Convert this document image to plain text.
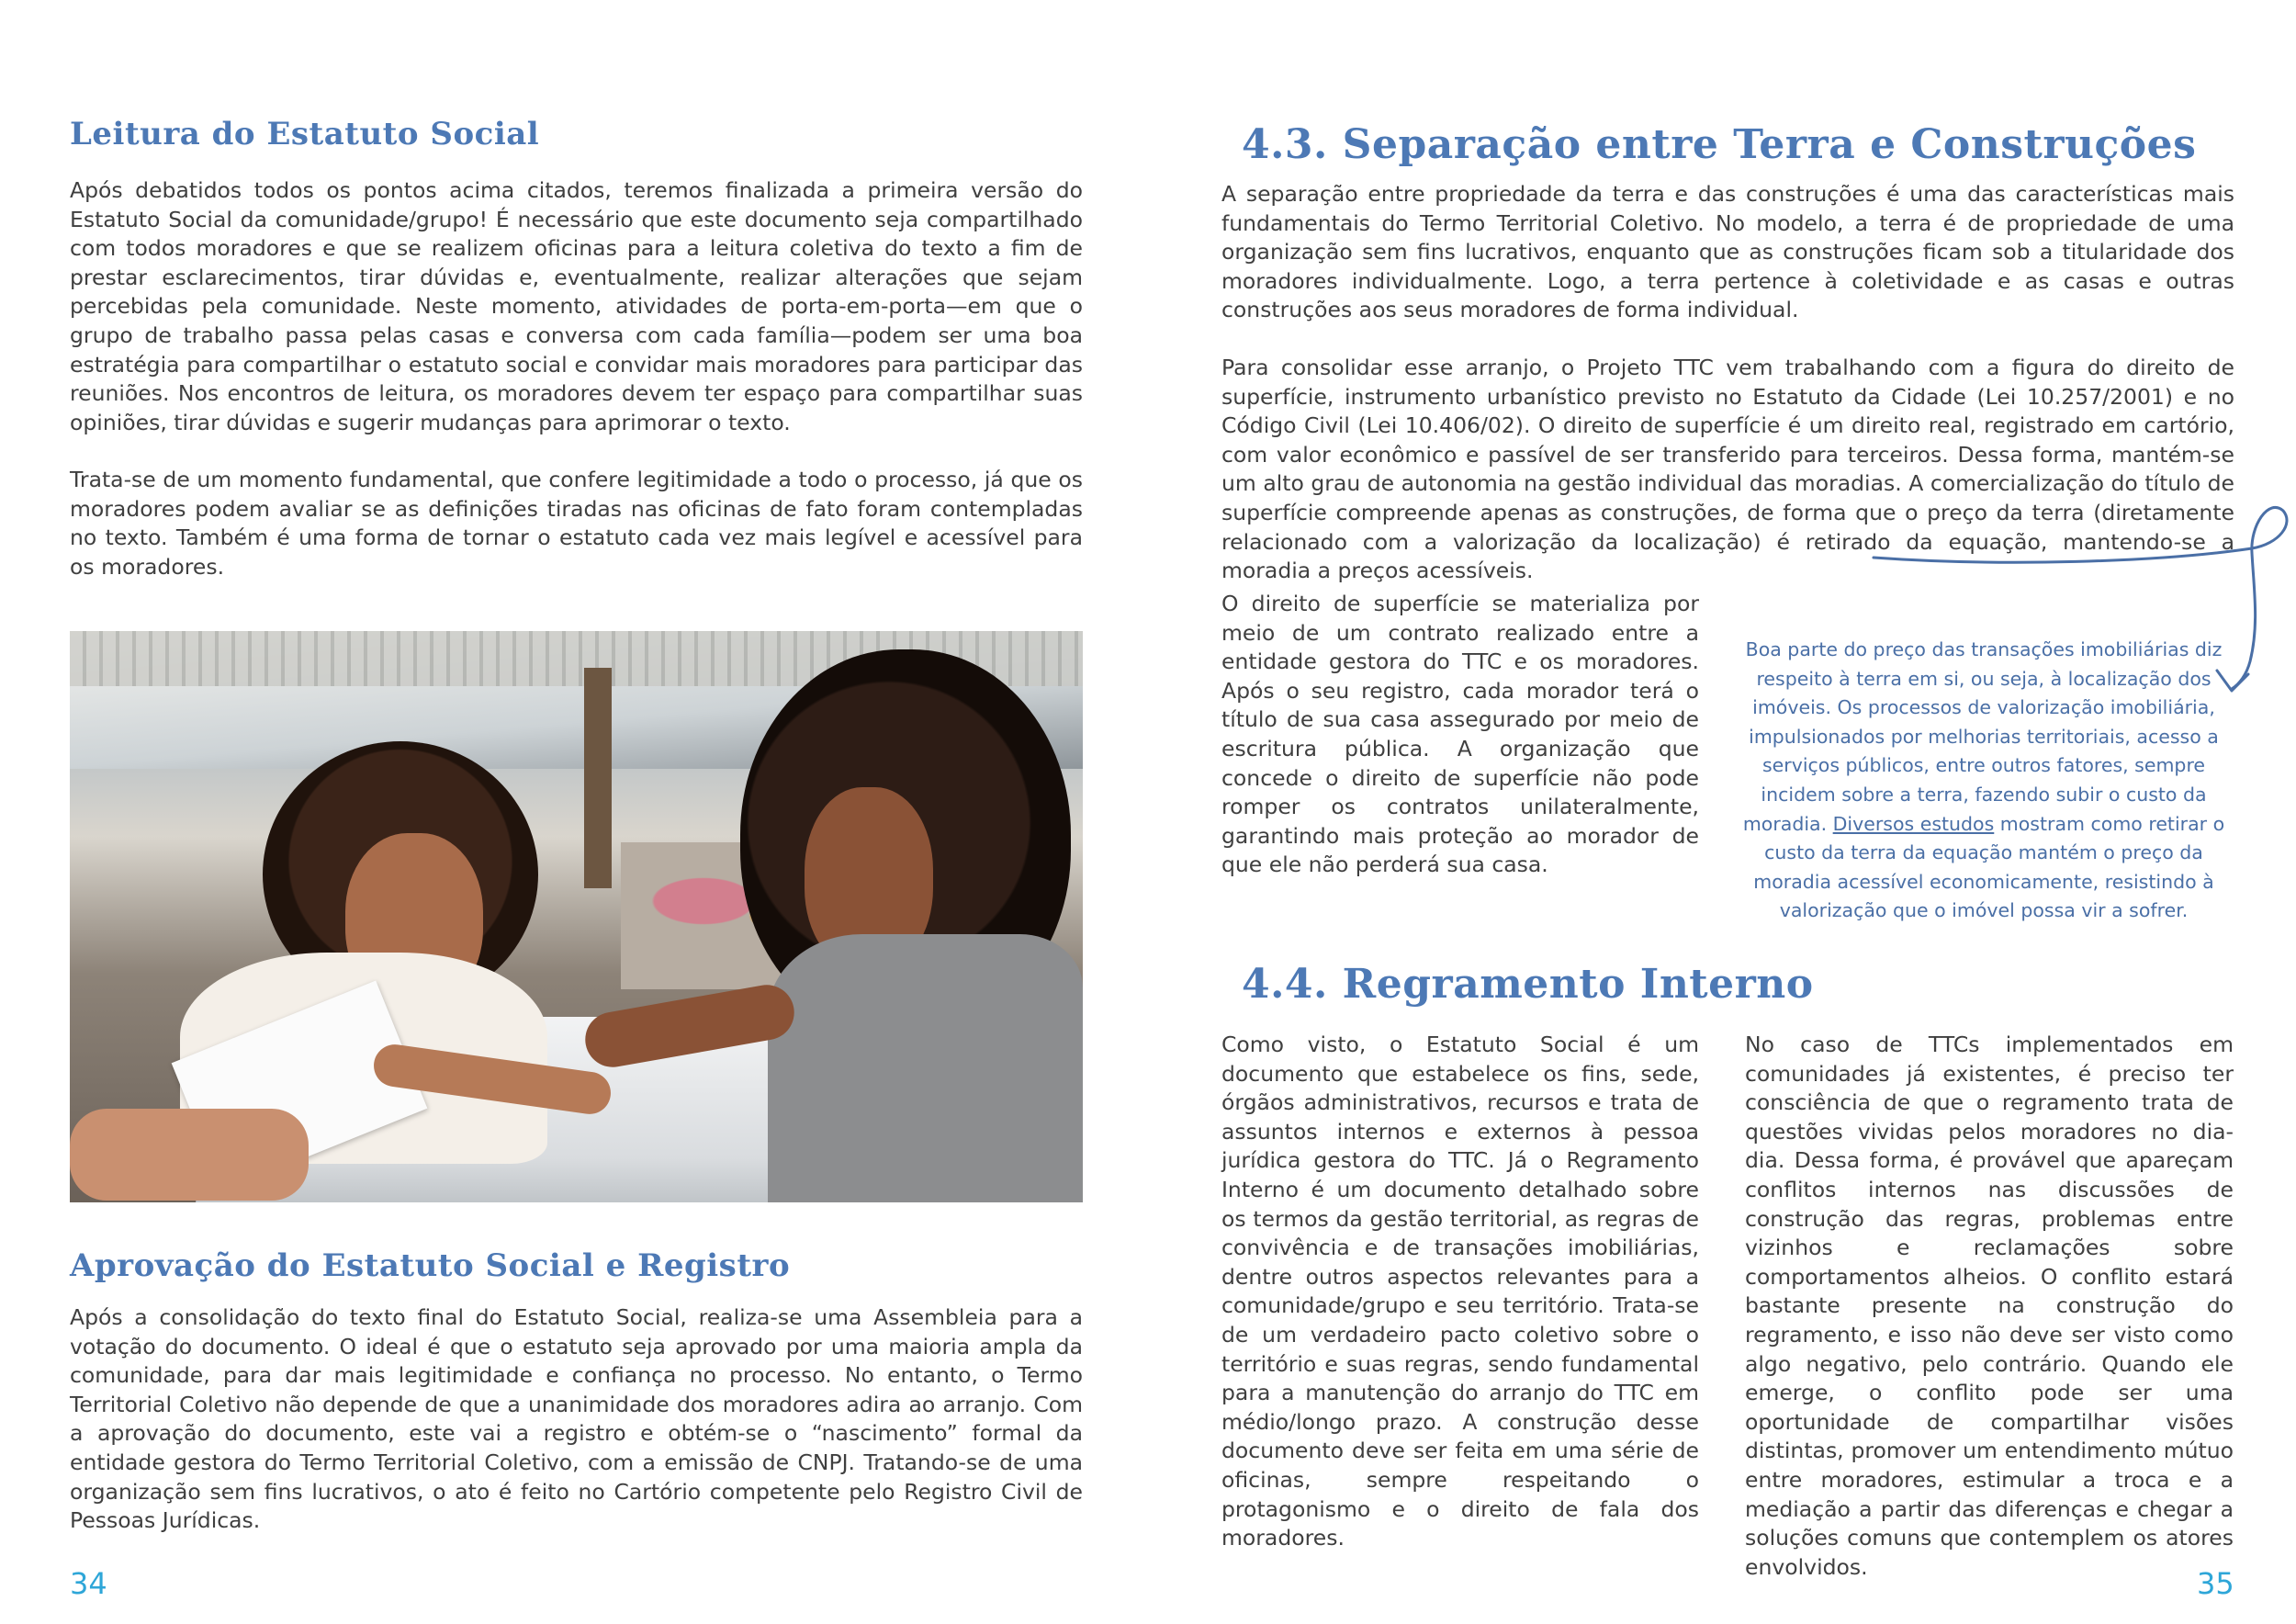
Leitura do Estatuto Social

Após debatidos todos os pontos acima citados, teremos finalizada a primeira versão do Estatuto Social da comunidade/grupo! É necessário que este documento seja compartilhado com todos moradores e que se realizem oficinas para a leitura coletiva do texto a fim de prestar esclarecimentos, tirar dúvidas e, eventualmente, realizar alterações que sejam percebidas pela comunidade. Neste momento, atividades de porta-em-porta—em que o grupo de trabalho passa pelas casas e conversa com cada família—podem ser uma boa estratégia para compartilhar o estatuto social e convidar mais moradores para participar das reuniões. Nos encontros de leitura, os moradores devem ter espaço para compartilhar suas opiniões, tirar dúvidas e sugerir mudanças para aprimorar o texto.

Trata-se de um momento fundamental, que confere legitimidade a todo o processo, já que os moradores podem avaliar se as definições tiradas nas oficinas de fato foram contempladas no texto. Também é uma forma de tornar o estatuto cada vez mais legível e acessível para os moradores.

Aprovação do Estatuto Social e Registro

Após a consolidação do texto final do Estatuto Social, realiza-se uma Assembleia para a votação do documento. O ideal é que o estatuto seja aprovado por uma maioria ampla da comunidade, para dar mais legitimidade e confiança no processo. No entanto, o Termo Territorial Coletivo não depende de que a unanimidade dos moradores adira ao arranjo. Com a aprovação do documento, este vai a registro e obtém-se o “nascimento” formal da entidade gestora do Termo Territorial Coletivo, com a emissão de CNPJ. Tratando-se de uma organização sem fins lucrativos, o ato é feito no Cartório competente pelo Registro Civil de Pessoas Jurídicas.

34
4.3. Separação entre Terra e Construções

A separação entre propriedade da terra e das construções é uma das características mais fundamentais do Termo Territorial Coletivo. No modelo, a terra é de propriedade de uma organização sem fins lucrativos, enquanto que as construções ficam sob a titularidade dos moradores individualmente. Logo, a terra pertence à coletividade e as casas e outras construções aos seus moradores de forma individual.

Para consolidar esse arranjo, o Projeto TTC vem trabalhando com a figura do direito de superfície, instrumento urbanístico previsto no Estatuto da Cidade (Lei 10.257/2001) e no Código Civil (Lei 10.406/02). O direito de superfície é um direito real, registrado em cartório, com valor econômico e passível de ser transferido para terceiros. Dessa forma, mantém-se um alto grau de autonomia na gestão individual das moradias. A comercialização do título de superfície compreende apenas as construções, de forma que o preço da terra (diretamente relacionado com a valorização da localização) é retirado da equação, mantendo-se a moradia a preços acessíveis.

O direito de superfície se materializa por meio de um contrato realizado entre a entidade gestora do TTC e os moradores. Após o seu registro, cada morador terá o título de sua casa assegurado por meio de escritura pública. A organização que concede o direito de superfície não pode romper os contratos unilateralmente, garantindo mais proteção ao morador de que ele não perderá sua casa.

Boa parte do preço das transações imobiliárias diz respeito à terra em si, ou seja, à localização dos imóveis. Os processos de valorização imobiliária, impulsionados por melhorias territoriais, acesso a serviços públicos, entre outros fatores, sempre incidem sobre a terra, fazendo subir o custo da moradia. Diversos estudos mostram como retirar o custo da terra da equação mantém o preço da moradia acessível economicamente, resistindo à valorização que o imóvel possa vir a sofrer.
4.4. Regramento Interno

Como visto, o Estatuto Social é um documento que estabelece os fins, sede, órgãos administrativos, recursos e trata de assuntos internos e externos à pessoa jurídica gestora do TTC. Já o Regramento Interno é um documento detalhado sobre os termos da gestão territorial, as regras de convivência e de transações imobiliárias, dentre outros aspectos relevantes para a comunidade/grupo e seu território. Trata-se de um verdadeiro pacto coletivo sobre o território e suas regras, sendo fundamental para a manutenção do arranjo do TTC em médio/longo prazo. A construção desse documento deve ser feita em uma série de oficinas, sempre respeitando o protagonismo e o direito de fala dos moradores.

No caso de TTCs implementados em comunidades já existentes, é preciso ter consciência de que o regramento trata de questões vividas pelos moradores no dia-dia. Dessa forma, é provável que apareçam conflitos internos nas discussões de construção das regras, problemas entre vizinhos e reclamações sobre comportamentos alheios. O conflito estará bastante presente na construção do regramento, e isso não deve ser visto como algo negativo, pelo contrário. Quando ele emerge, o conflito pode ser uma oportunidade de compartilhar visões distintas, promover um entendimento mútuo entre moradores, estimular a troca e a mediação a partir das diferenças e chegar a soluções comuns que contemplem os atores envolvidos.	35
